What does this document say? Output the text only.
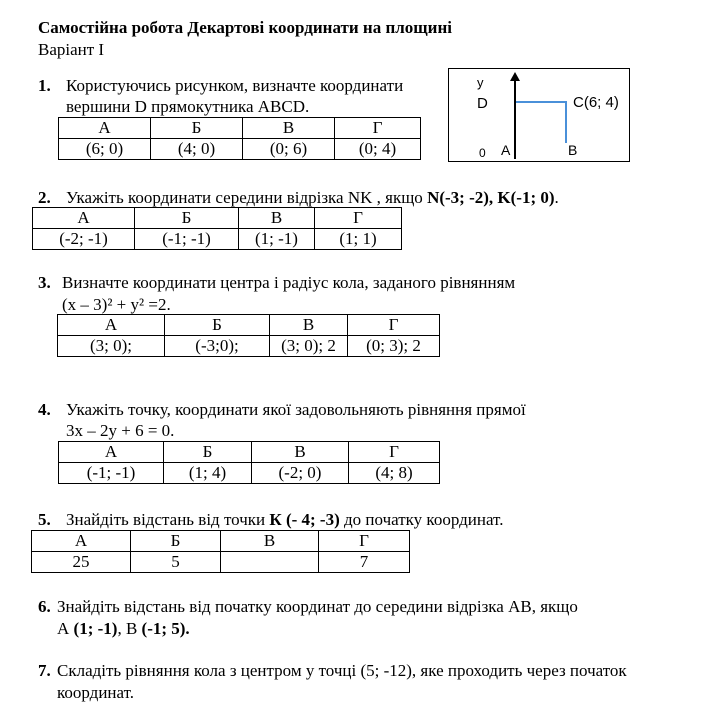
Самостійна робота Декартові координати на площині
Варіант І
1. Користуючись рисунком, визначте координати
вершини D прямокутника ABCD.
А	Б	В	Г
(6; 0)	(4; 0)	(0; 6)	(0; 4)
y
D	C(6; 4)
0 A	B
2. Укажіть координати середини відрізка NK , якщо N(-3; -2), K(-1; 0).
А	Б	В	Г
(-2; -1)	(-1; -1)	(1; -1)	(1; 1)
3. Визначте координати центра і радіус кола, заданого рівнянням
(x – 3)² + y² =2.
А	Б	В	Г
(3; 0);	(-3;0);	(3; 0); 2	(0; 3); 2
4. Укажіть точку, координати якої задовольняють рівняння прямої
3x – 2y + 6 = 0.
А	Б	В	Г
(-1; -1)	(1; 4)	(-2; 0)	(4; 8)
5. Знайдіть відстань від точки К (- 4; -3) до початку координат.
А	Б	В	Г
25	5		7
6. Знайдіть відстань від початку координат до середини відрізка АВ, якщо
А (1; -1), В (-1; 5).
7. Складіть рівняння кола з центром у точці (5; -12), яке проходить через початок
координат.
